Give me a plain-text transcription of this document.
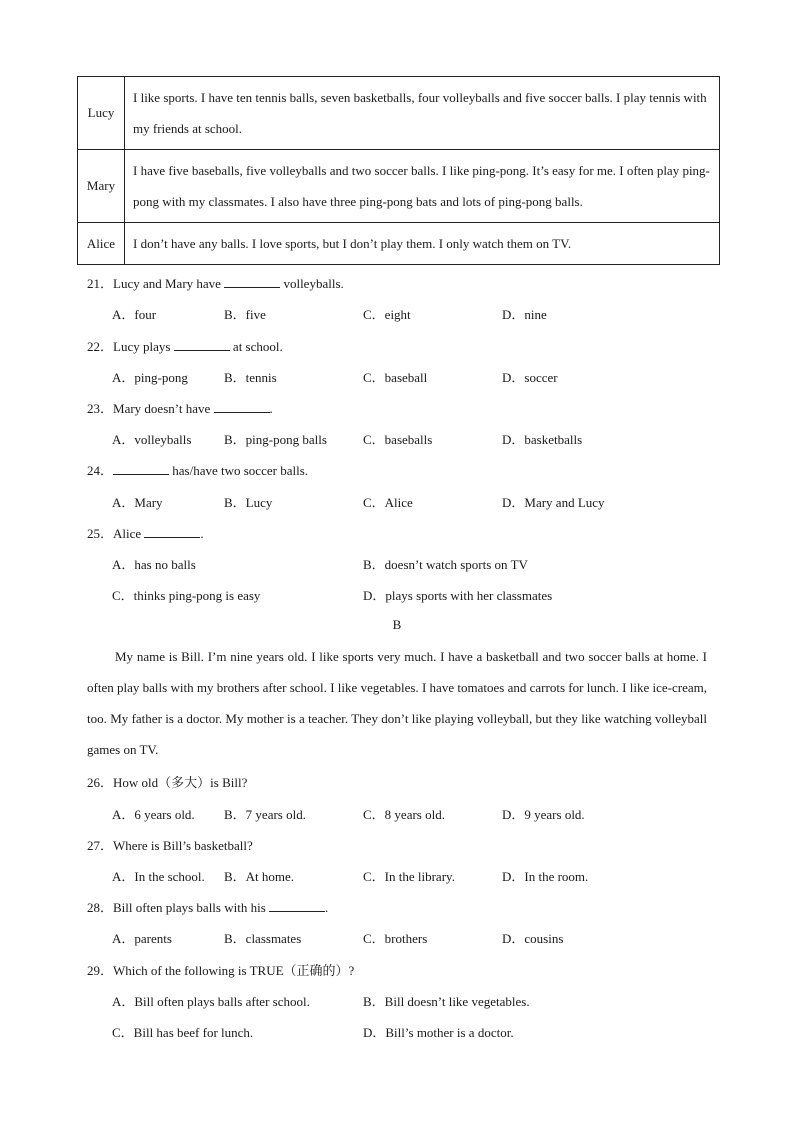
Lucy	I like sports. I have ten tennis balls, seven basketballs, four volleyballs and five soccer balls. I play tennis with my friends at school.
Mary	I have five baseballs, five volleyballs and two soccer balls. I like ping-pong. It’s easy for me. I often play ping-pong with my classmates. I also have three ping-pong bats and lots of ping-pong balls.
Alice	I don’t have any balls. I love sports, but I don’t play them. I only watch them on TV.
21．Lucy and Mary have	volleyballs.
A．four	B．five	C．eight	D．nine
22．Lucy plays	at school.
A．ping-pong	B．tennis	C．baseball	D．soccer
23．Mary doesn’t have	.
A．volleyballs	B．ping-pong balls	C．baseballs	D．basketballs
24．	has/have two soccer balls.
A．Mary	B．Lucy	C．Alice	D．Mary and Lucy
25．Alice	.
A．has no balls	B．doesn’t watch sports on TV
C．thinks ping-pong is easy	D．plays sports with her classmates
B
My name is Bill. I’m nine years old. I like sports very much. I have a basketball and two soccer balls at home. I often play balls with my brothers after school. I like vegetables. I have tomatoes and carrots for lunch. I like ice-cream, too. My father is a doctor. My mother is a teacher. They don’t like playing volleyball, but they like watching volleyball games on TV.
26．How old（多大）is Bill?
A．6 years old. B．7 years old.	C．8 years old.	D．9 years old.
27．Where is Bill’s basketball?
A．In the school. B．At home.	C．In the library.	D．In the room.
28．Bill often plays balls with his	.
A．parents	B．classmates	C．brothers	D．cousins
29．Which of the following is TRUE（正确的）?
A．Bill often plays balls after school.	B．Bill doesn’t like vegetables.
C．Bill has beef for lunch.	D．Bill’s mother is a doctor.
